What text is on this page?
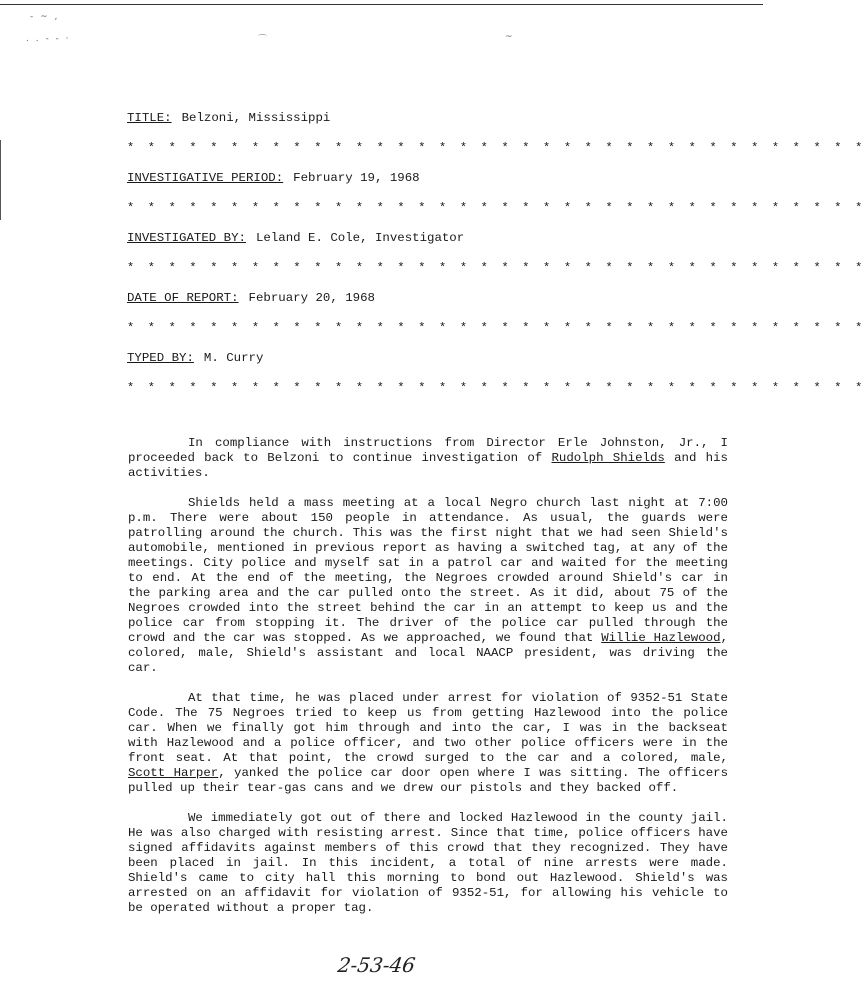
- ~ ,
. . - - ·	⌒	~
TITLE: Belzoni, Mississippi
* * * * * * * * * * * * * * * * * * * * * * * * * * * * * * * * * * * *
INVESTIGATIVE PERIOD: February 19, 1968
* * * * * * * * * * * * * * * * * * * * * * * * * * * * * * * * * * * *
INVESTIGATED BY: Leland E. Cole, Investigator
* * * * * * * * * * * * * * * * * * * * * * * * * * * * * * * * * * * *
DATE OF REPORT: February 20, 1968
* * * * * * * * * * * * * * * * * * * * * * * * * * * * * * * * * * * *
TYPED BY: M. Curry
* * * * * * * * * * * * * * * * * * * * * * * * * * * * * * * * * * * *

In compliance with instructions from Director Erle Johnston, Jr., I proceeded back to Belzoni to continue investigation of Rudolph Shields and his activities.

Shields held a mass meeting at a local Negro church last night at 7:00 p.m. There were about 150 people in attendance. As usual, the guards were patrolling around the church. This was the first night that we had seen Shield's automobile, mentioned in previous report as having a switched tag, at any of the meetings. City police and myself sat in a patrol car and waited for the meeting to end. At the end of the meeting, the Negroes crowded around Shield's car in the parking area and the car pulled onto the street. As it did, about 75 of the Negroes crowded into the street behind the car in an attempt to keep us and the police car from stopping it. The driver of the police car pulled through the crowd and the car was stopped. As we approached, we found that Willie Hazlewood, colored, male, Shield's assistant and local NAACP president, was driving the car.

At that time, he was placed under arrest for violation of 9352-51 State Code. The 75 Negroes tried to keep us from getting Hazlewood into the police car. When we finally got him through and into the car, I was in the backseat with Hazlewood and a police officer, and two other police officers were in the front seat. At that point, the crowd surged to the car and a colored, male, Scott Harper, yanked the police car door open where I was sitting. The officers pulled up their tear-gas cans and we drew our pistols and they backed off.

We immediately got out of there and locked Hazlewood in the county jail. He was also charged with resisting arrest. Since that time, police officers have signed affidavits against members of this crowd that they recognized. They have been placed in jail. In this incident, a total of nine arrests were made. Shield's came to city hall this morning to bond out Hazlewood. Shield's was arrested on an affidavit for violation of 9352-51, for allowing his vehicle to be operated without a proper tag.

2-53-46
